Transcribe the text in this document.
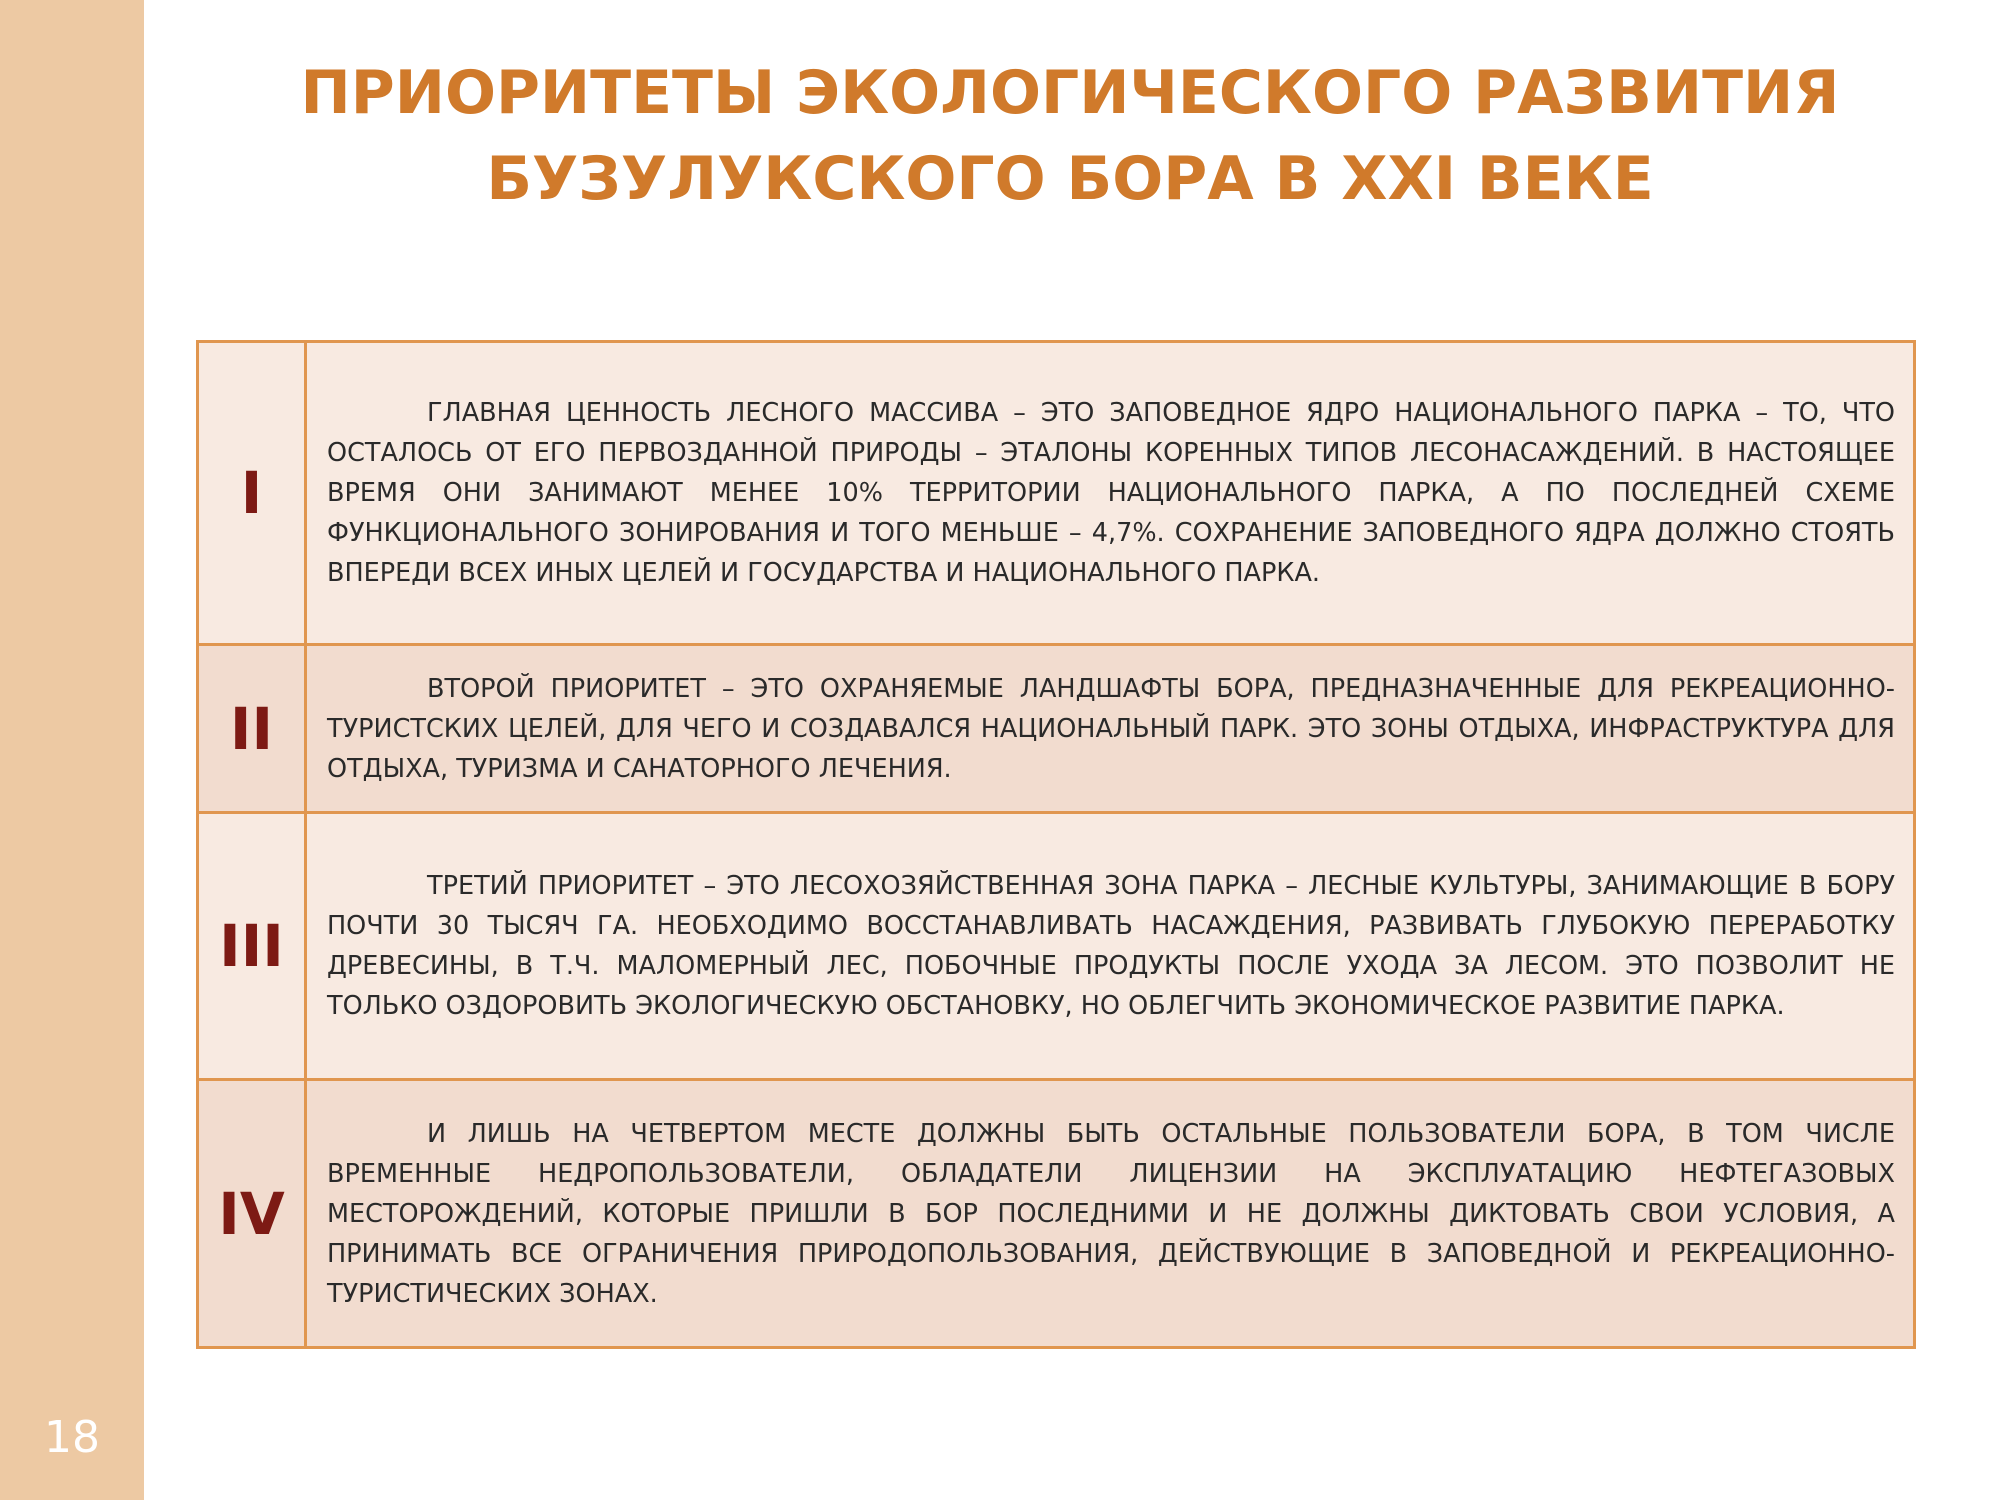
18
ПРИОРИТЕТЫ ЭКОЛОГИЧЕСКОГО РАЗВИТИЯ
БУЗУЛУКСКОГО БОРА В XXI ВЕКЕ
I	ГЛАВНАЯ ЦЕННОСТЬ ЛЕСНОГО МАССИВА – ЭТО ЗАПОВЕДНОЕ ЯДРО НАЦИОНАЛЬНОГО ПАРКА – ТО, ЧТО ОСТАЛОСЬ ОТ ЕГО ПЕРВОЗДАННОЙ ПРИРОДЫ – ЭТАЛОНЫ КОРЕННЫХ ТИПОВ ЛЕСОНАСАЖДЕНИЙ. В НАСТОЯЩЕЕ ВРЕМЯ ОНИ ЗАНИМАЮТ МЕНЕЕ 10% ТЕРРИТОРИИ НАЦИОНАЛЬНОГО ПАРКА, А ПО ПОСЛЕДНЕЙ СХЕМЕ ФУНКЦИОНАЛЬНОГО ЗОНИРОВАНИЯ И ТОГО МЕНЬШЕ – 4,7%. СОХРАНЕНИЕ ЗАПОВЕДНОГО ЯДРА ДОЛЖНО СТОЯТЬ ВПЕРЕДИ ВСЕХ ИНЫХ ЦЕЛЕЙ И ГОСУДАРСТВА И НАЦИОНАЛЬНОГО ПАРКА.

II	ВТОРОЙ ПРИОРИТЕТ – ЭТО ОХРАНЯЕМЫЕ ЛАНДШАФТЫ БОРА, ПРЕДНАЗНАЧЕННЫЕ ДЛЯ РЕКРЕАЦИОННО-ТУРИСТСКИХ ЦЕЛЕЙ, ДЛЯ ЧЕГО И СОЗДАВАЛСЯ НАЦИОНАЛЬНЫЙ ПАРК. ЭТО ЗОНЫ ОТДЫХА, ИНФРАСТРУКТУРА ДЛЯ ОТДЫХА, ТУРИЗМА И САНАТОРНОГО ЛЕЧЕНИЯ.

III	ТРЕТИЙ ПРИОРИТЕТ – ЭТО ЛЕСОХОЗЯЙСТВЕННАЯ ЗОНА ПАРКА – ЛЕСНЫЕ КУЛЬТУРЫ, ЗАНИМАЮЩИЕ В БОРУ ПОЧТИ 30 ТЫСЯЧ ГА. НЕОБХОДИМО ВОССТАНАВЛИВАТЬ НАСАЖДЕНИЯ, РАЗВИВАТЬ ГЛУБОКУЮ ПЕРЕРАБОТКУ ДРЕВЕСИНЫ, В Т.Ч. МАЛОМЕРНЫЙ ЛЕС, ПОБОЧНЫЕ ПРОДУКТЫ ПОСЛЕ УХОДА ЗА ЛЕСОМ. ЭТО ПОЗВОЛИТ НЕ ТОЛЬКО ОЗДОРОВИТЬ ЭКОЛОГИЧЕСКУЮ ОБСТАНОВКУ, НО ОБЛЕГЧИТЬ ЭКОНОМИЧЕСКОЕ РАЗВИТИЕ ПАРКА.

IV	И ЛИШЬ НА ЧЕТВЕРТОМ МЕСТЕ ДОЛЖНЫ БЫТЬ ОСТАЛЬНЫЕ ПОЛЬЗОВАТЕЛИ БОРА, В ТОМ ЧИСЛЕ ВРЕМЕННЫЕ НЕДРОПОЛЬЗОВАТЕЛИ, ОБЛАДАТЕЛИ ЛИЦЕНЗИИ НА ЭКСПЛУАТАЦИЮ НЕФТЕГАЗОВЫХ МЕСТОРОЖДЕНИЙ, КОТОРЫЕ ПРИШЛИ В БОР ПОСЛЕДНИМИ И НЕ ДОЛЖНЫ ДИКТОВАТЬ СВОИ УСЛОВИЯ, А ПРИНИМАТЬ ВСЕ ОГРАНИЧЕНИЯ ПРИРОДОПОЛЬЗОВАНИЯ, ДЕЙСТВУЮЩИЕ В ЗАПОВЕДНОЙ И РЕКРЕАЦИОННО-ТУРИСТИЧЕСКИХ ЗОНАХ.
